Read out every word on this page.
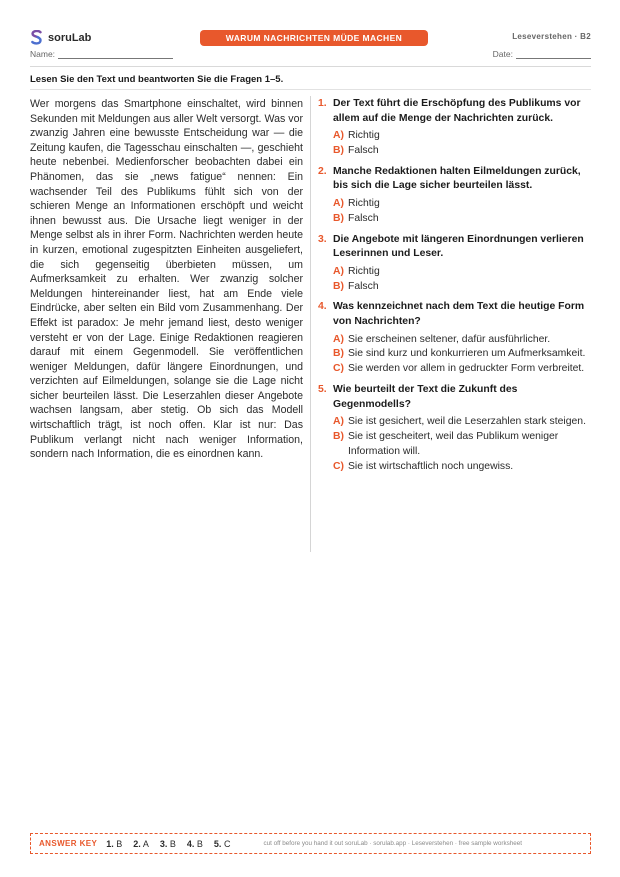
soruLab	WARUM NACHRICHTEN MÜDE MACHEN	Leseverstehen · B2
Name:	Date:
Lesen Sie den Text und beantworten Sie die Fragen 1–5.
Wer morgens das Smartphone einschaltet, wird binnen Sekunden mit Meldungen aus aller Welt versorgt. Was vor zwanzig Jahren eine bewusste Entscheidung war — die Zeitung kaufen, die Tagesschau einschalten —, geschieht heute nebenbei. Medienforscher beobachten dabei ein Phänomen, das sie „news fatigue“ nennen: Ein wachsender Teil des Publikums fühlt sich von der schieren Menge an Informationen erschöpft und weicht ihnen bewusst aus. Die Ursache liegt weniger in der Menge selbst als in ihrer Form. Nachrichten werden heute in kurzen, emotional zugespitzten Einheiten ausgeliefert, die sich gegenseitig überbieten müssen, um Aufmerksamkeit zu erhalten. Wer zwanzig solcher Meldungen hintereinander liest, hat am Ende viele Eindrücke, aber selten ein Bild vom Zusammenhang. Der Effekt ist paradox: Je mehr jemand liest, desto weniger versteht er von der Lage. Einige Redaktionen reagieren darauf mit einem Gegenmodell. Sie veröffentlichen weniger Meldungen, dafür längere Einordnungen, und verzichten auf Eilmeldungen, solange sie die Lage nicht sicher beurteilen lässt. Die Leserzahlen dieser Angebote wachsen langsam, aber stetig. Ob sich das Modell wirtschaftlich trägt, ist noch offen. Klar ist nur: Das Publikum verlangt nicht nach weniger Information, sondern nach Information, die es einordnen kann.
1. Der Text führt die Erschöpfung des Publikums vor allem auf die Menge der Nachrichten zurück.
A) Richtig
B) Falsch
2. Manche Redaktionen halten Eilmeldungen zurück, bis sich die Lage sicher beurteilen lässt.
A) Richtig
B) Falsch
3. Die Angebote mit längeren Einordnungen verlieren Leserinnen und Leser.
A) Richtig
B) Falsch
4. Was kennzeichnet nach dem Text die heutige Form von Nachrichten?
A) Sie erscheinen seltener, dafür ausführlicher.
B) Sie sind kurz und konkurrieren um Aufmerksamkeit.
C) Sie werden vor allem in gedruckter Form verbreitet.
5. Wie beurteilt der Text die Zukunft des Gegenmodells?
A) Sie ist gesichert, weil die Leserzahlen stark steigen.
B) Sie ist gescheitert, weil das Publikum weniger Information will.
C) Sie ist wirtschaftlich noch ungewiss.
ANSWER KEY 1. B 2. A 3. B 4. B 5. C	cut off before you hand it out soruLab · sorulab.app · Leseverstehen · free sample worksheet
